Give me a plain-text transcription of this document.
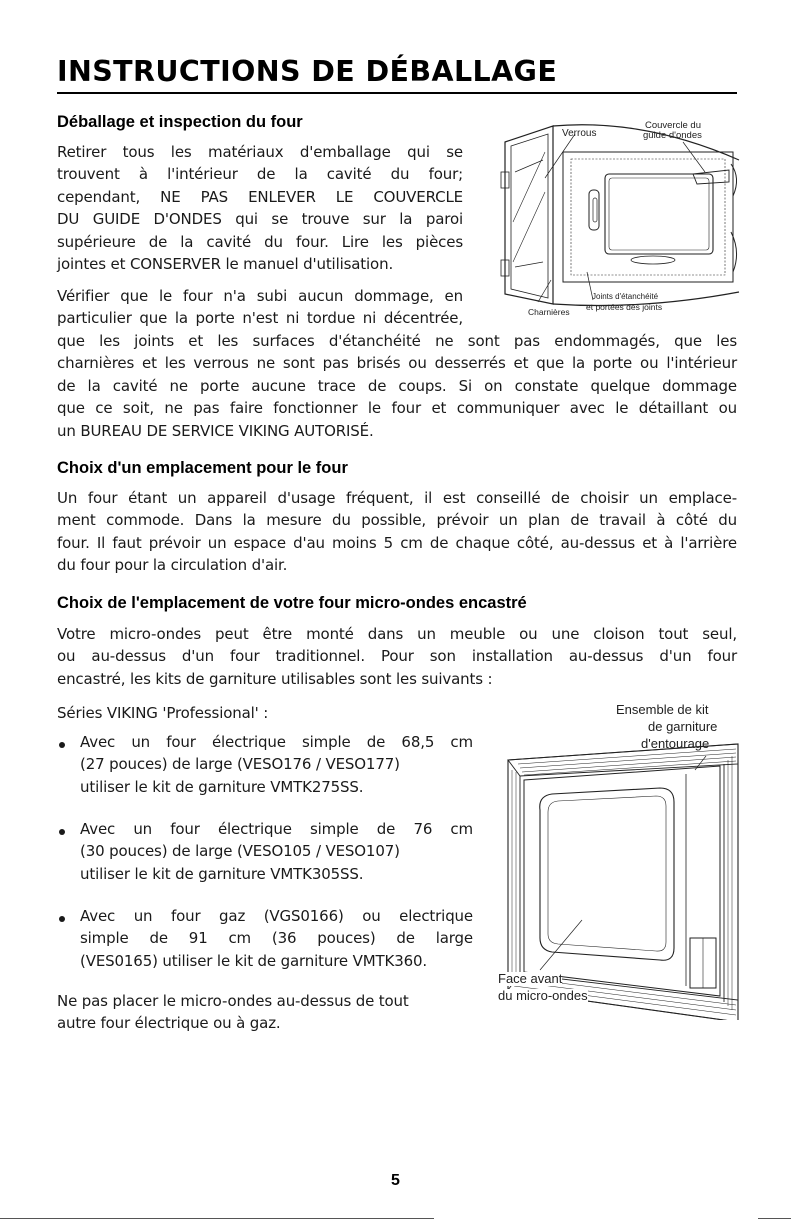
INSTRUCTIONS DE DÉBALLAGE
Déballage et inspection du four
Retirer tous les matériaux d'emballage qui se
trouvent à l'intérieur de la cavité du four;
cependant, NE PAS ENLEVER LE COUVERCLE
DU GUIDE D'ONDES qui se trouve sur la paroi
supérieure de la cavité du four. Lire les pièces
jointes et CONSERVER le manuel d'utilisation.
Vérifier que le four n'a subi aucun dommage, en
particulier que la porte n'est ni tordue ni décentrée,
que les joints et les surfaces d'étanchéité ne sont pas endommagés, que les
charnières et les verrous ne sont pas brisés ou desserrés et que la porte ou l'intérieur
de la cavité ne porte aucune trace de coups. Si on constate quelque dommage
que ce soit, ne pas faire fonctionner le four et communiquer avec le détaillant ou
un BUREAU DE SERVICE VIKING AUTORISÉ.
Verrous
Couvercle du
guide d'ondes
Charnières
Joints d'étanchéité
et portées des joints
Choix d'un emplacement pour le four
Un four étant un appareil d'usage fréquent, il est conseillé de choisir un emplace-
ment commode. Dans la mesure du possible, prévoir un plan de travail à côté du
four. Il faut prévoir un espace d'au moins 5 cm de chaque côté, au-dessus et à l'arrière
du four pour la circulation d'air.
Choix de l'emplacement de votre four micro-ondes encastré
Votre micro-ondes peut être monté dans un meuble ou une cloison tout seul,
ou au-dessus d'un four traditionnel. Pour son installation au-dessus d'un four
encastré, les kits de garniture utilisables sont les suivants :
Séries VIKING 'Professional' :
Avec un four électrique simple de 68,5 cm
(27 pouces) de large (VESO176 / VESO177)
utiliser le kit de garniture VMTK275SS.
Avec un four électrique simple de 76 cm
(30 pouces) de large (VESO105 / VESO107)
utiliser le kit de garniture VMTK305SS.
Avec un four gaz (VGS0166) ou electrique
simple de 91 cm (36 pouces) de large
(VES0165) utiliser le kit de garniture VMTK360.
Ne pas placer le micro-ondes au-dessus de tout
autre four électrique ou à gaz.
Ensemble de kit
de garniture
d'entourage
Face avant
du micro-ondes
5
